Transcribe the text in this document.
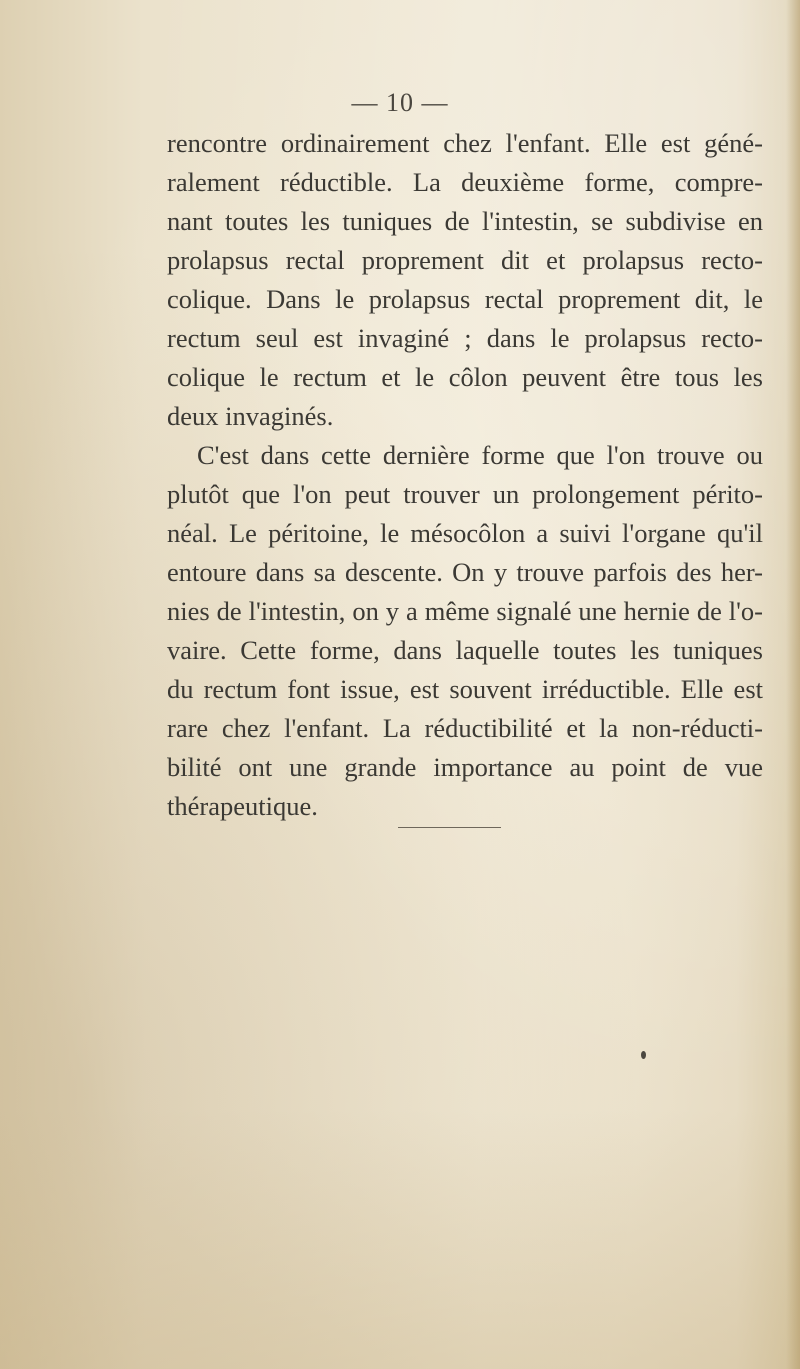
— 10 —
rencontre ordinairement chez l'enfant. Elle est géné-
ralement réductible. La deuxième forme, compre-
nant toutes les tuniques de l'intestin, se subdivise en
prolapsus rectal proprement dit et prolapsus recto-
colique. Dans le prolapsus rectal proprement dit, le
rectum seul est invaginé ; dans le prolapsus recto-
colique le rectum et le côlon peuvent être tous les
deux invaginés.
C'est dans cette dernière forme que l'on trouve ou
plutôt que l'on peut trouver un prolongement périto-
néal. Le péritoine, le mésocôlon a suivi l'organe qu'il
entoure dans sa descente. On y trouve parfois des her-
nies de l'intestin, on y a même signalé une hernie de l'o-
vaire. Cette forme, dans laquelle toutes les tuniques
du rectum font issue, est souvent irréductible. Elle est
rare chez l'enfant. La réductibilité et la non-réducti-
bilité ont une grande importance au point de vue
thérapeutique.
